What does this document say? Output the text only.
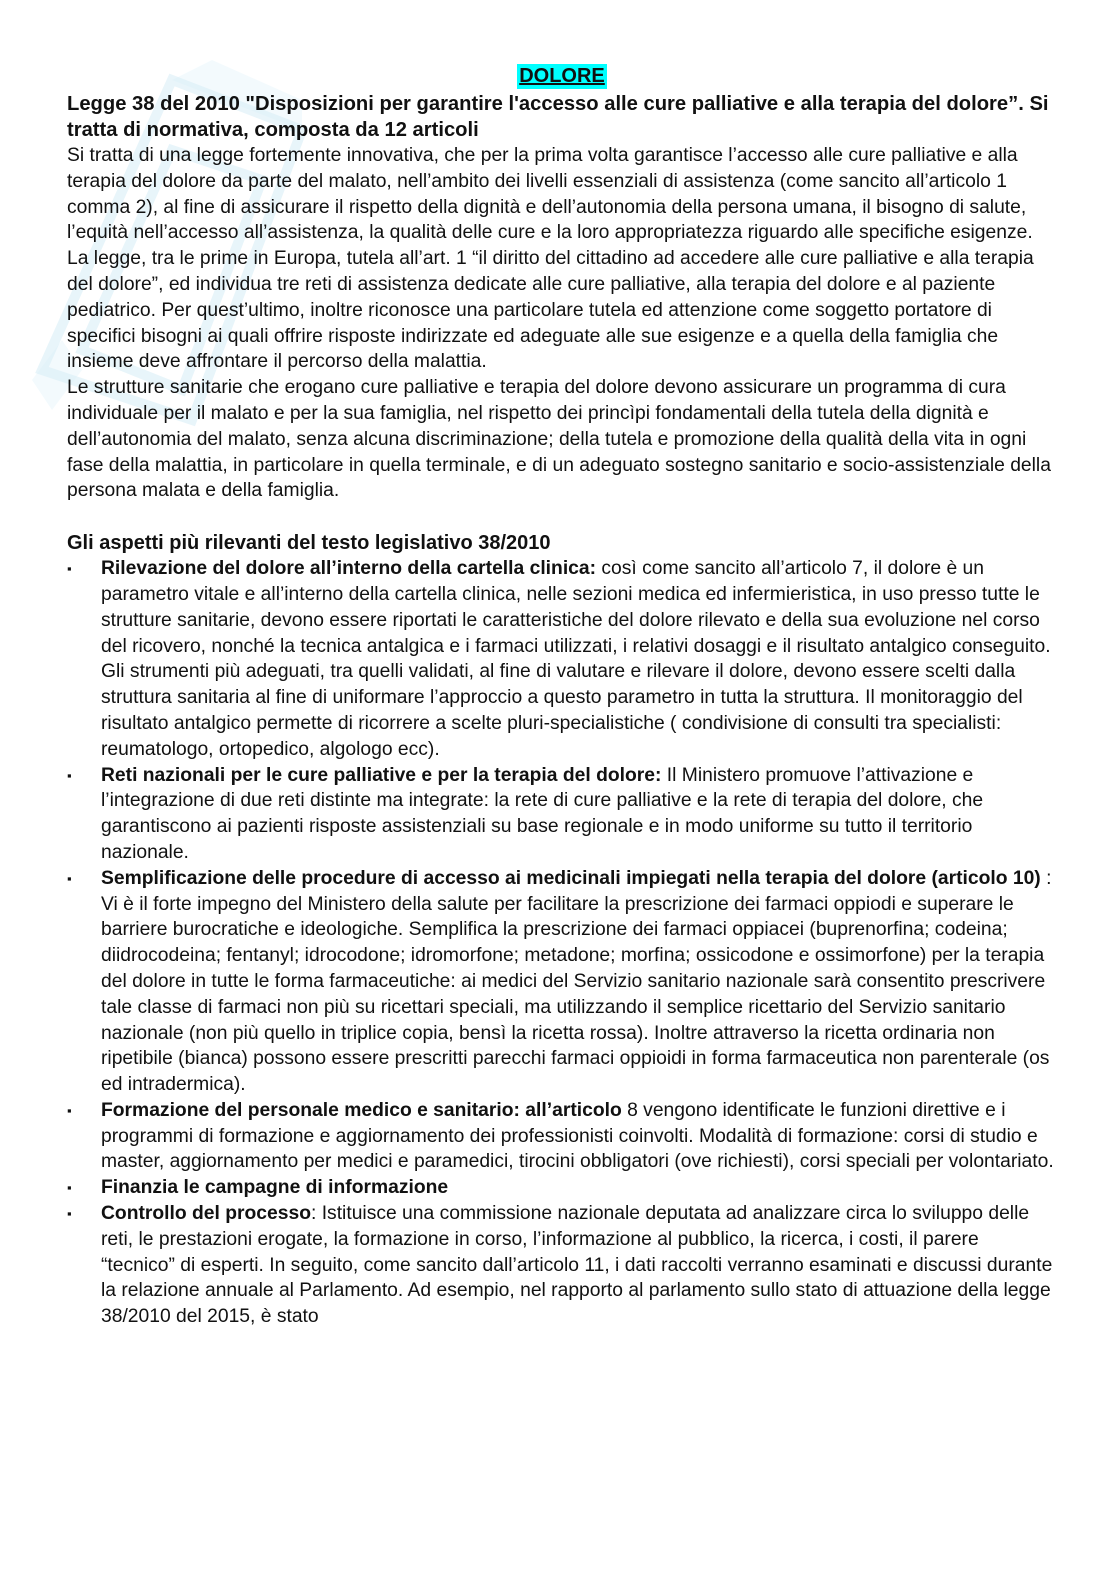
DOLORE

Legge 38 del 2010 "Disposizioni per garantire l'accesso alle cure palliative e alla terapia del dolore”. Si tratta di normativa, composta da 12 articoli

Si tratta di una legge fortemente innovativa, che per la prima volta garantisce l’accesso alle cure palliative e alla terapia del dolore da parte del malato, nell’ambito dei livelli essenziali di assistenza (come sancito all’articolo 1 comma 2), al fine di assicurare il rispetto della dignità e dell’autonomia della persona umana, il bisogno di salute, l’equità nell’accesso all’assistenza, la qualità delle cure e la loro appropriatezza riguardo alle specifiche esigenze.

La legge, tra le prime in Europa, tutela all’art. 1 “il diritto del cittadino ad accedere alle cure palliative e alla terapia del dolore”, ed individua tre reti di assistenza dedicate alle cure palliative, alla terapia del dolore e al paziente pediatrico. Per quest’ultimo, inoltre riconosce una particolare tutela ed attenzione come soggetto portatore di specifici bisogni ai quali offrire risposte indirizzate ed adeguate alle sue esigenze e a quella della famiglia che insieme deve affrontare il percorso della malattia.

Le strutture sanitarie che erogano cure palliative e terapia del dolore devono assicurare un programma di cura individuale per il malato e per la sua famiglia, nel rispetto dei princìpi fondamentali della tutela della dignità e dell’autonomia del malato, senza alcuna discriminazione; della tutela e promozione della qualità della vita in ogni fase della malattia, in particolare in quella terminale, e di un adeguato sostegno sanitario e socio-assistenziale della persona malata e della famiglia.

Gli aspetti più rilevanti del testo legislativo 38/2010

▪ Rilevazione del dolore all’interno della cartella clinica: così come sancito all’articolo 7, il dolore è un parametro vitale e all’interno della cartella clinica, nelle sezioni medica ed infermieristica, in uso presso tutte le strutture sanitarie, devono essere riportati le caratteristiche del dolore rilevato e della sua evoluzione nel corso del ricovero, nonché la tecnica antalgica e i farmaci utilizzati, i relativi dosaggi e il risultato antalgico conseguito. Gli strumenti più adeguati, tra quelli validati, al fine di valutare e rilevare il dolore, devono essere scelti dalla struttura sanitaria al fine di uniformare l’approccio a questo parametro in tutta la struttura. Il monitoraggio del risultato antalgico permette di ricorrere a scelte pluri-specialistiche ( condivisione di consulti tra specialisti: reumatologo, ortopedico, algologo ecc).
▪ Reti nazionali per le cure palliative e per la terapia del dolore: Il Ministero promuove l’attivazione e l’integrazione di due reti distinte ma integrate: la rete di cure palliative e la rete di terapia del dolore, che garantiscono ai pazienti risposte assistenziali su base regionale e in modo uniforme su tutto il territorio nazionale.
▪ Semplificazione delle procedure di accesso ai medicinali impiegati nella terapia del dolore (articolo 10) : Vi è il forte impegno del Ministero della salute per facilitare la prescrizione dei farmaci oppiodi e superare le barriere burocratiche e ideologiche. Semplifica la prescrizione dei farmaci oppiacei (buprenorfina; codeina; diidrocodeina; fentanyl; idrocodone; idromorfone; metadone; morfina; ossicodone e ossimorfone) per la terapia del dolore in tutte le forma farmaceutiche: ai medici del Servizio sanitario nazionale sarà consentito prescrivere tale classe di farmaci non più su ricettari speciali, ma utilizzando il semplice ricettario del Servizio sanitario nazionale (non più quello in triplice copia, bensì la ricetta rossa). Inoltre attraverso la ricetta ordinaria non ripetibile (bianca) possono essere prescritti parecchi farmaci oppioidi in forma farmaceutica non parenterale (os ed intradermica).
▪ Formazione del personale medico e sanitario: all’articolo 8 vengono identificate le funzioni direttive e i programmi di formazione e aggiornamento dei professionisti coinvolti. Modalità di formazione: corsi di studio e master, aggiornamento per medici e paramedici, tirocini obbligatori (ove richiesti), corsi speciali per volontariato.
▪ Finanzia le campagne di informazione
▪ Controllo del processo: Istituisce una commissione nazionale deputata ad analizzare circa lo sviluppo delle reti, le prestazioni erogate, la formazione in corso, l’informazione al pubblico, la ricerca, i costi, il parere “tecnico” di esperti. In seguito, come sancito dall’articolo 11, i dati raccolti verranno esaminati e discussi durante la relazione annuale al Parlamento. Ad esempio, nel rapporto al parlamento sullo stato di attuazione della legge 38/2010 del 2015, è stato
